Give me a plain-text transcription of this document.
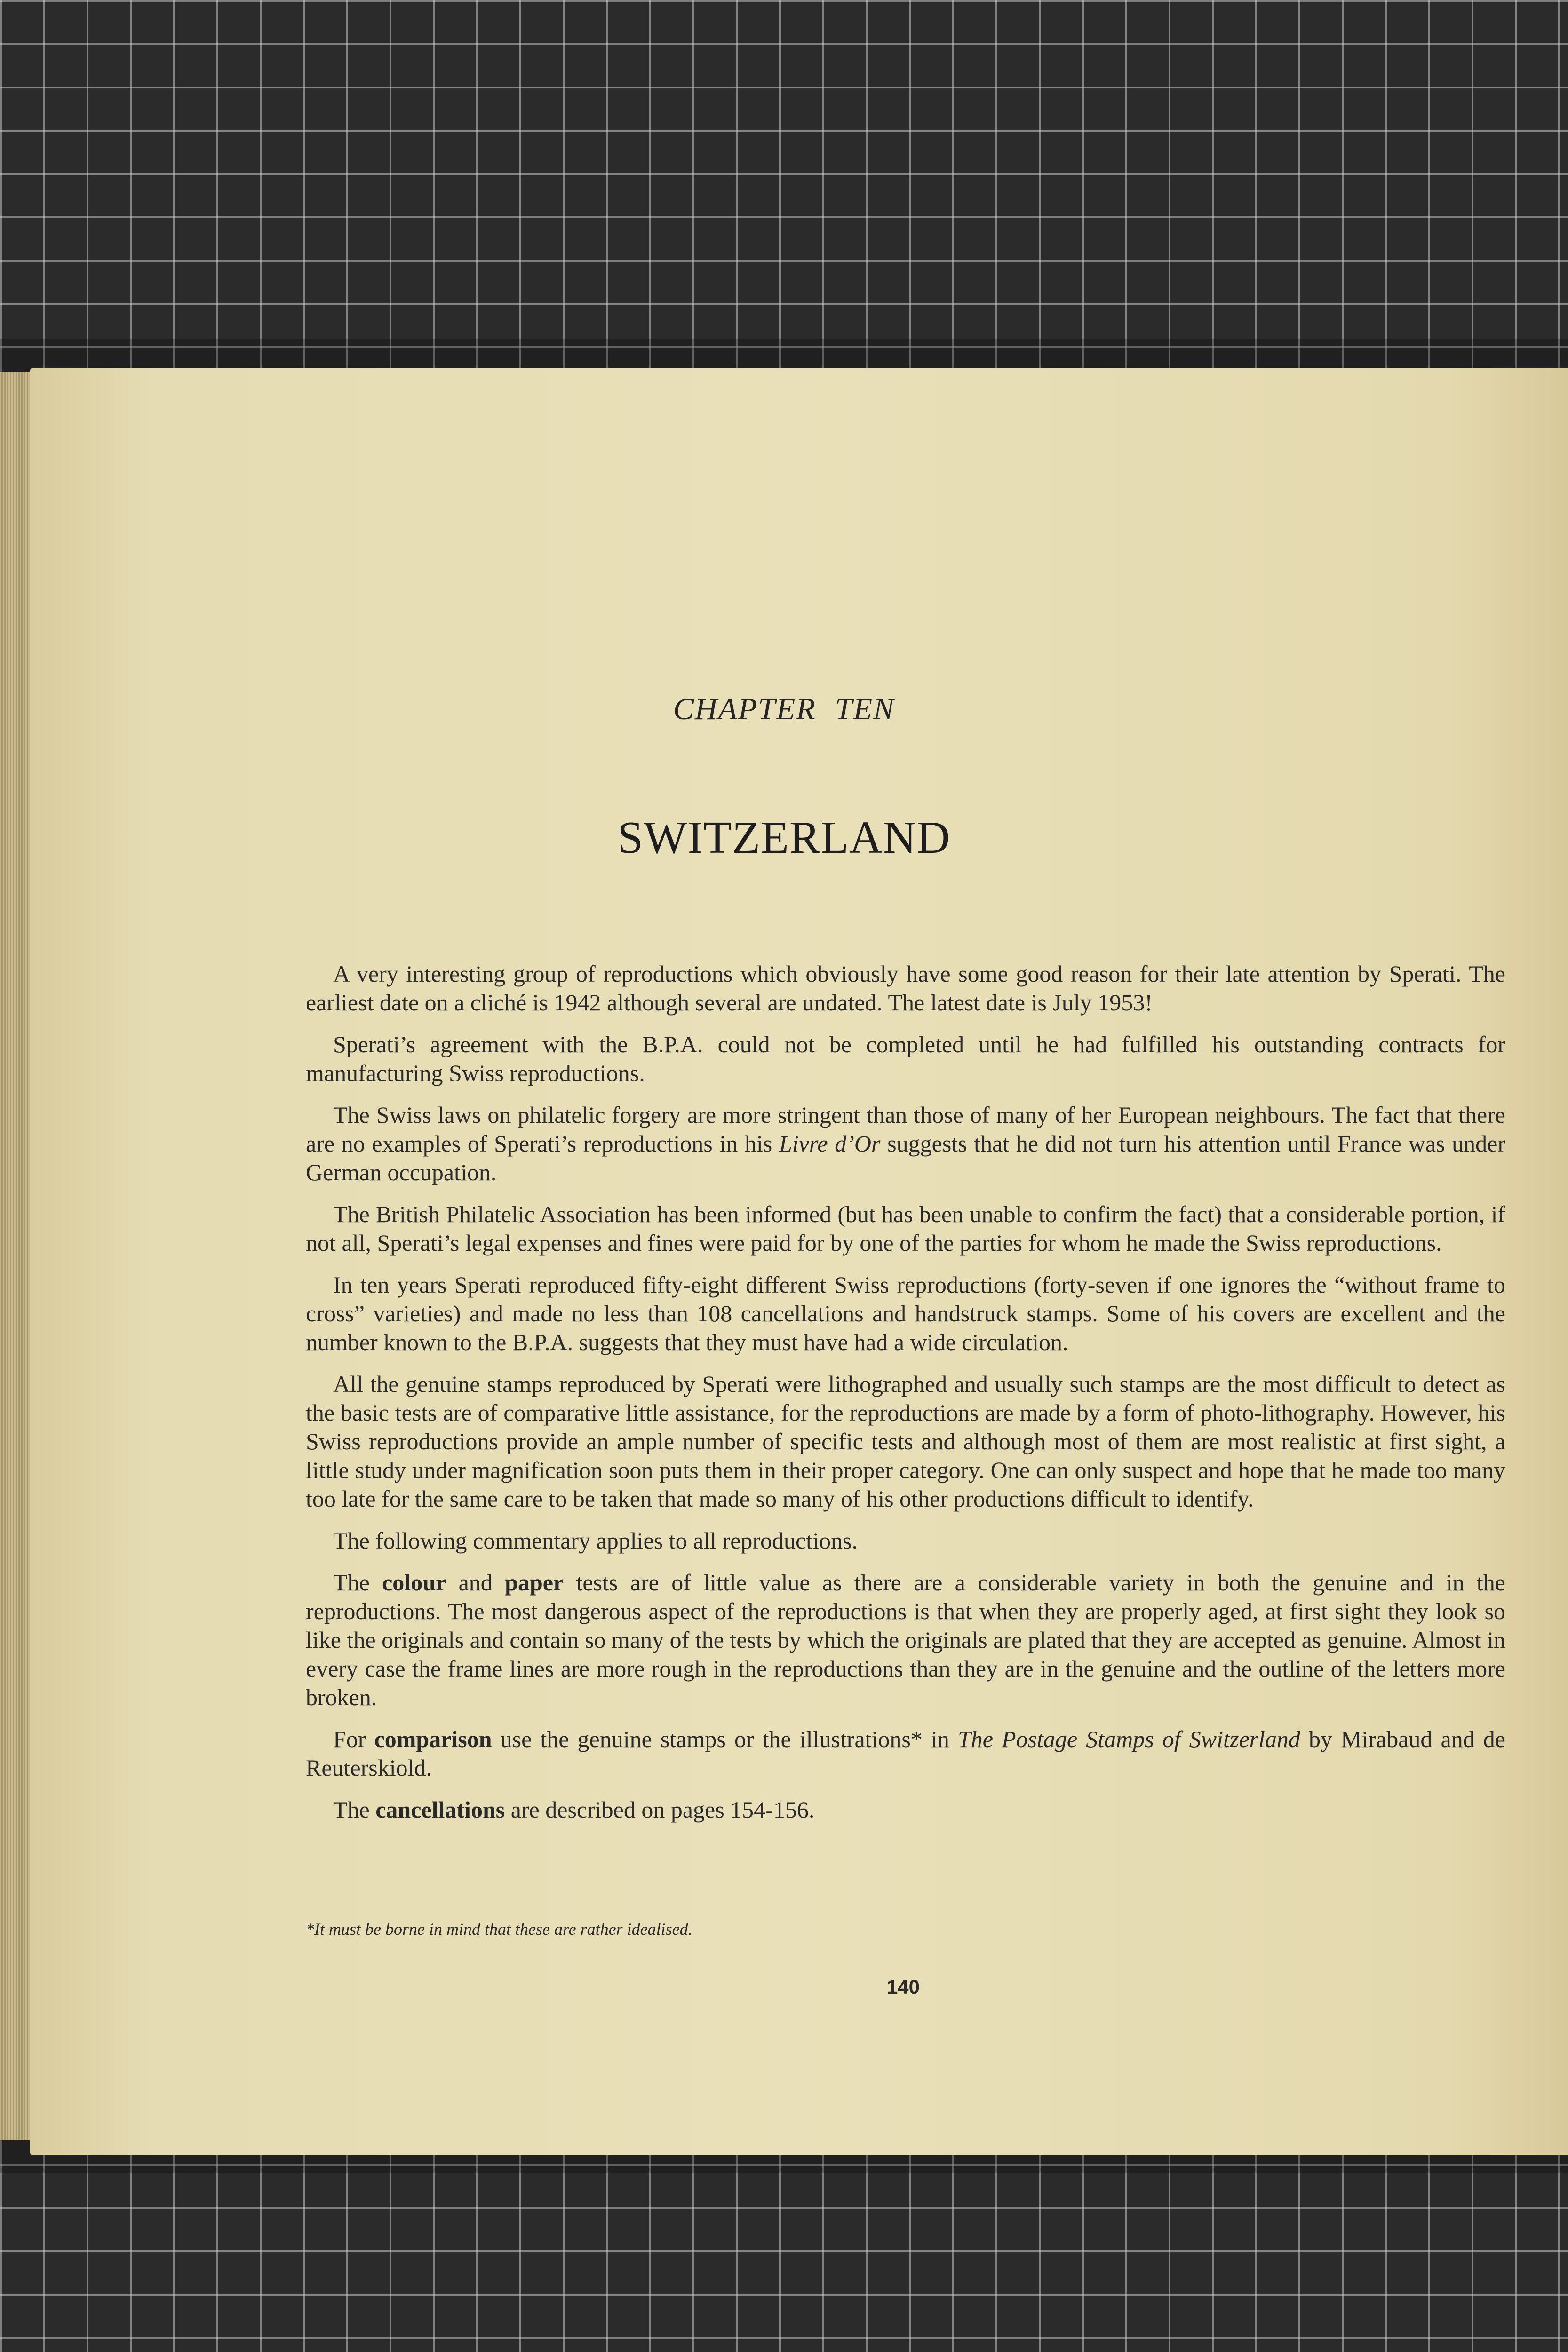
CHAPTER TEN
SWITZERLAND

A very interesting group of reproductions which obviously have some good reason for their late attention by Sperati. The earliest date on a cliché is 1942 although several are undated. The latest date is July 1953!

Sperati’s agreement with the B.P.A. could not be completed until he had fulfilled his outstanding contracts for manufacturing Swiss reproductions.

The Swiss laws on philatelic forgery are more stringent than those of many of her European neighbours. The fact that there are no examples of Sperati’s reproductions in his Livre d’Or suggests that he did not turn his attention until France was under German occupation.

The British Philatelic Association has been informed (but has been unable to confirm the fact) that a considerable portion, if not all, Sperati’s legal expenses and fines were paid for by one of the parties for whom he made the Swiss reproductions.

In ten years Sperati reproduced fifty-eight different Swiss reproductions (forty-seven if one ignores the “without frame to cross” varieties) and made no less than 108 cancellations and handstruck stamps. Some of his covers are excellent and the number known to the B.P.A. suggests that they must have had a wide circulation.

All the genuine stamps reproduced by Sperati were lithographed and usually such stamps are the most difficult to detect as the basic tests are of comparative little assistance, for the reproductions are made by a form of photo-lithography. However, his Swiss reproductions provide an ample number of specific tests and although most of them are most realistic at first sight, a little study under magnification soon puts them in their proper category. One can only suspect and hope that he made too many too late for the same care to be taken that made so many of his other productions difficult to identify.

The following commentary applies to all reproductions.

The colour and paper tests are of little value as there are a considerable variety in both the genuine and in the reproductions. The most dangerous aspect of the reproductions is that when they are properly aged, at first sight they look so like the originals and contain so many of the tests by which the originals are plated that they are accepted as genuine. Almost in every case the frame lines are more rough in the reproductions than they are in the genuine and the outline of the letters more broken.

For comparison use the genuine stamps or the illustrations* in The Postage Stamps of Switzerland by Mirabaud and de Reuterskiold.

The cancellations are described on pages 154-156.

*It must be borne in mind that these are rather idealised.
140
